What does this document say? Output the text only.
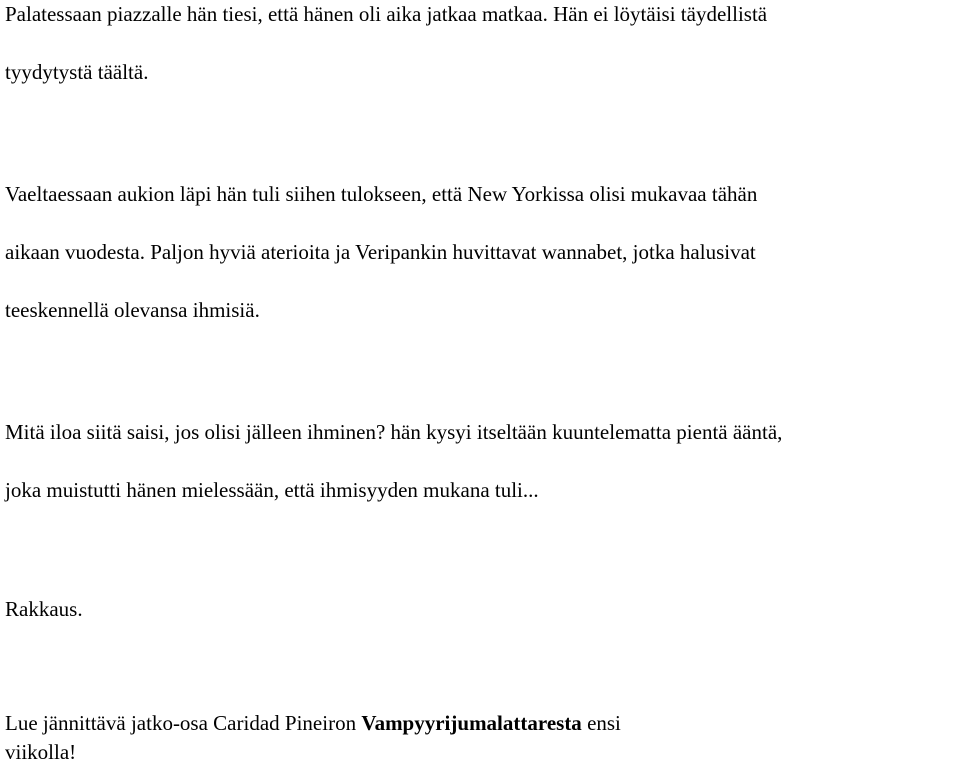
Palatessaan piazzalle hän tiesi, että hänen oli aika jatkaa matkaa. Hän ei löytäisi täydellistä
tyydytystä täältä.
Vaeltaessaan aukion läpi hän tuli siihen tulokseen, että New Yorkissa olisi mukavaa tähän
aikaan vuodesta. Paljon hyviä aterioita ja Veripankin huvittavat wannabet, jotka halusivat
teeskennellä olevansa ihmisiä.
Mitä iloa siitä saisi, jos olisi jälleen ihminen? hän kysyi itseltään kuuntelematta pientä ääntä,
joka muistutti hänen mielessään, että ihmisyyden mukana tuli...
Rakkaus.
Lue jännittävä jatko-osa Caridad Pineiron Vampyyrijumalattaresta ensi
viikolla!
